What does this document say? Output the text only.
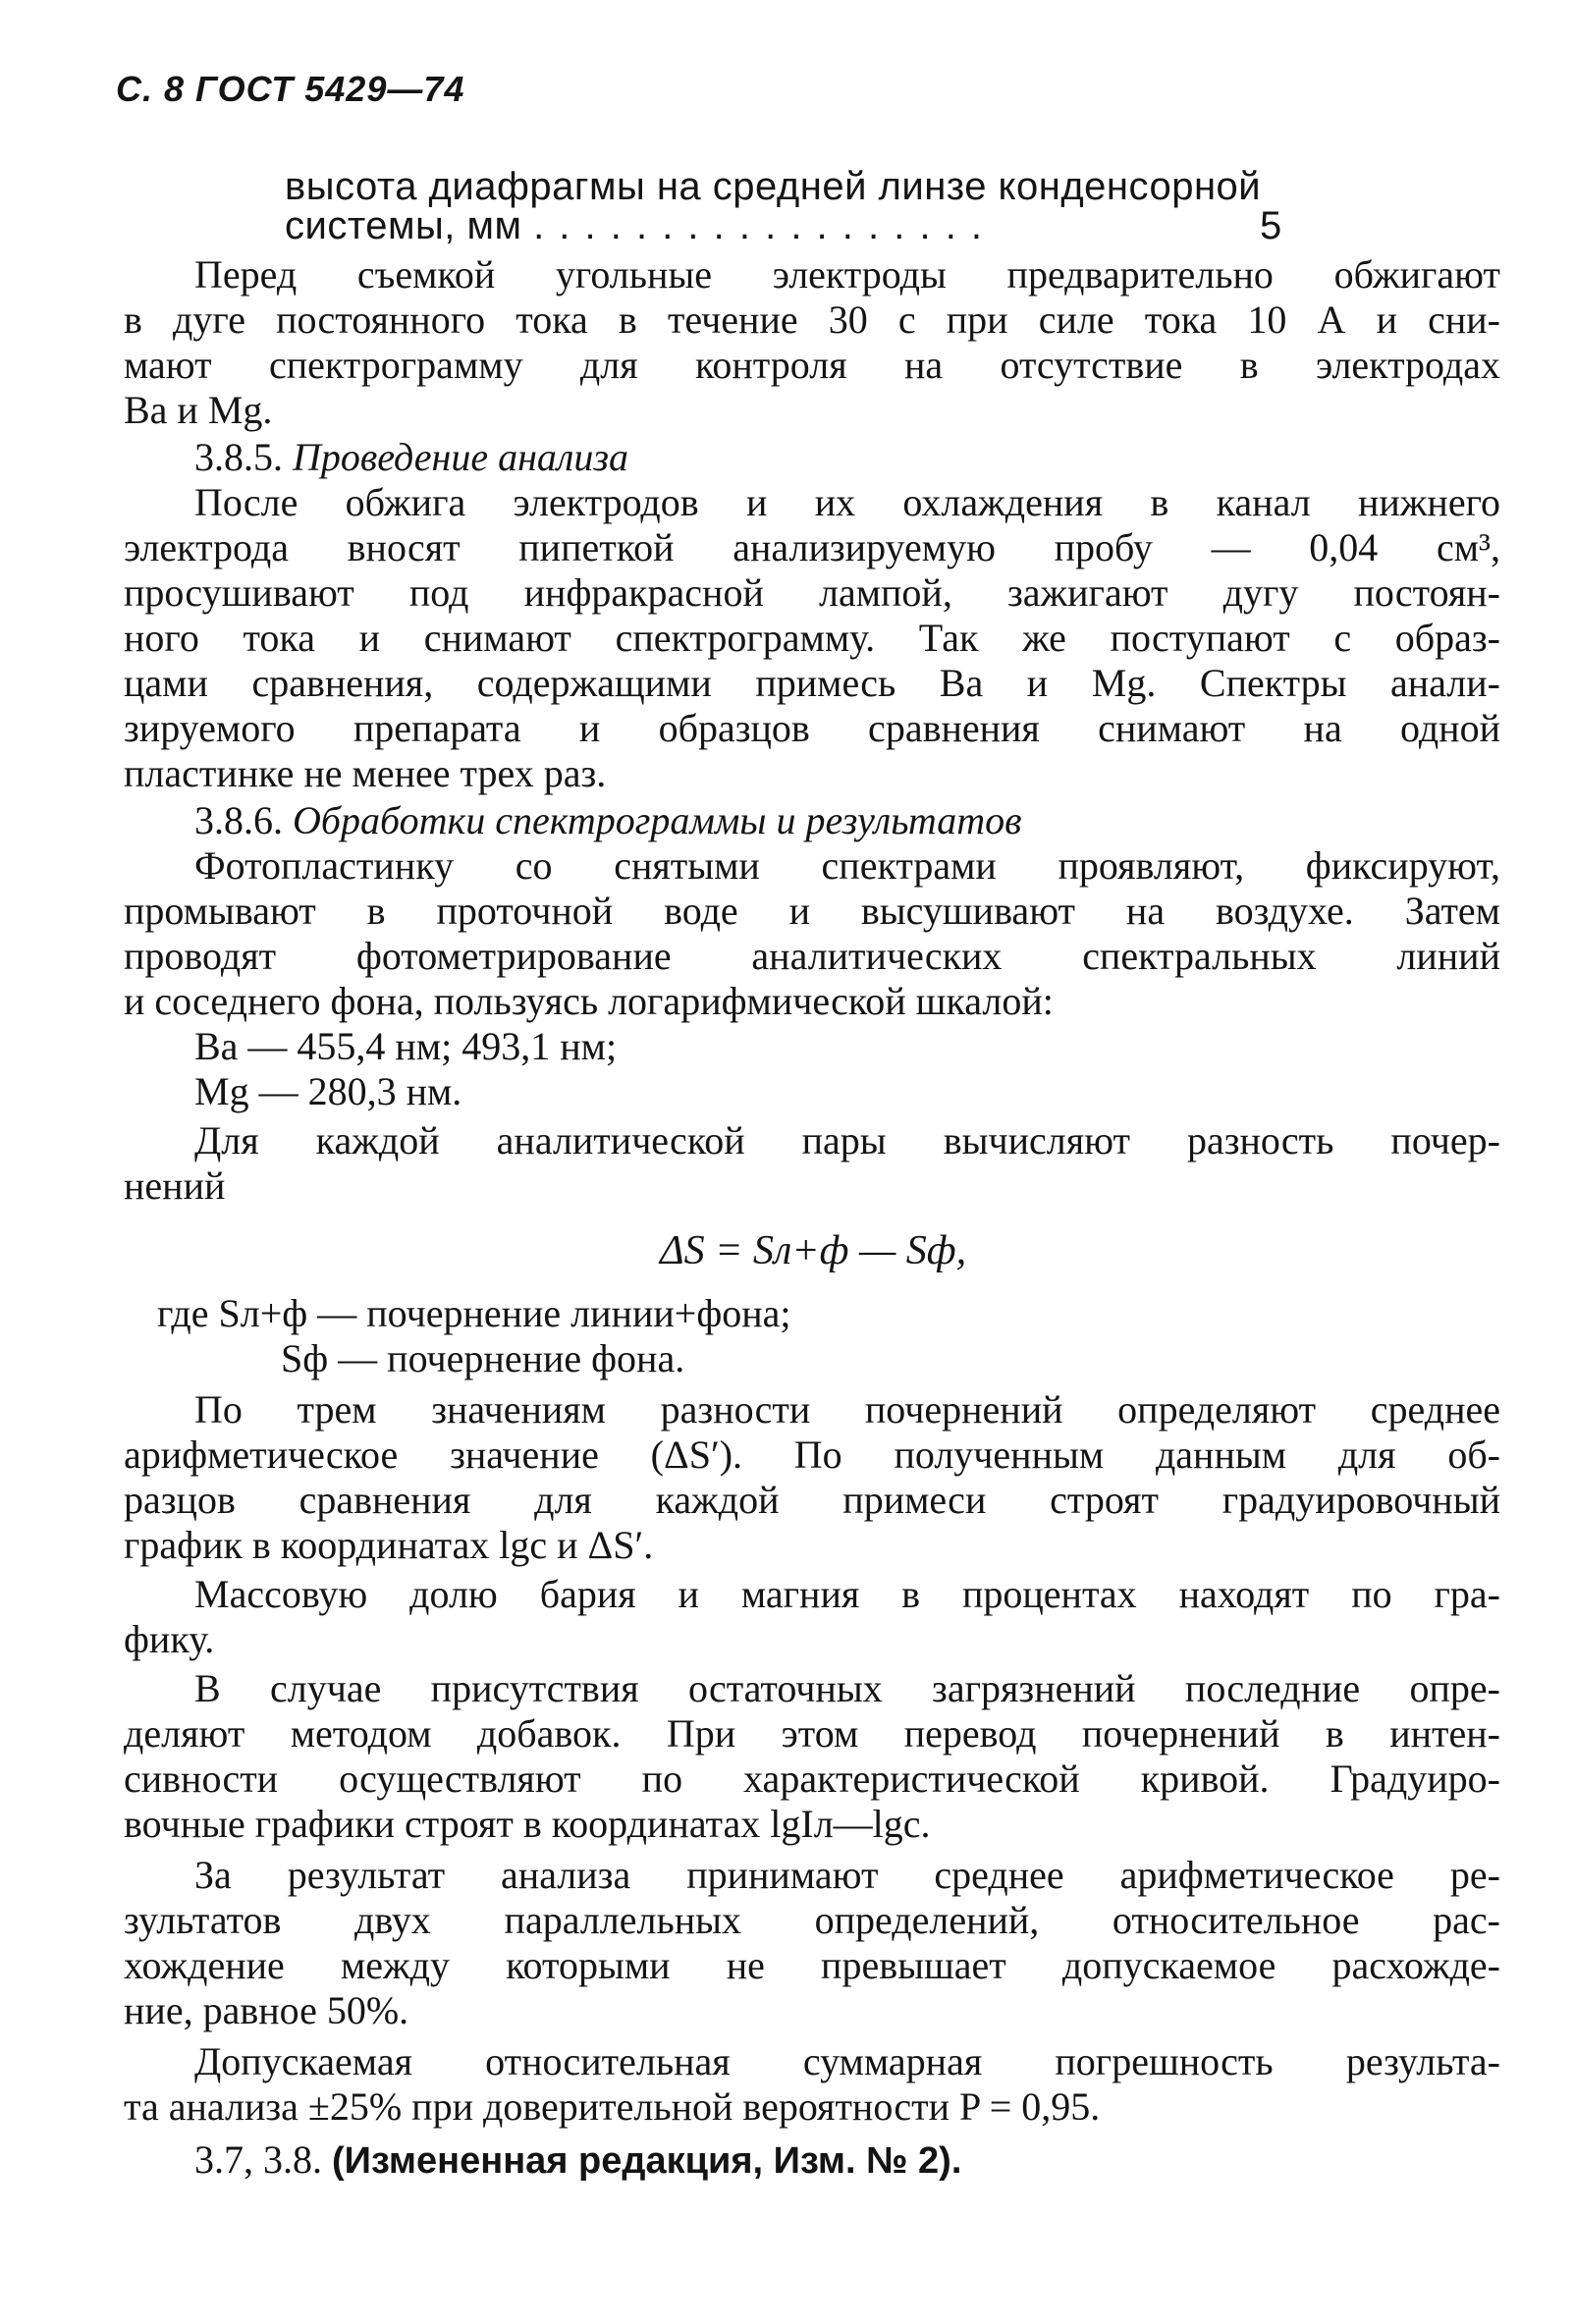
С. 8 ГОСТ 5429—74
высота диафрагмы на средней линзе конденсорной
системы, мм . . . . . . . . . . . . . . . . . .	5
Перед съемкой угольные электроды предварительно обжигают
в дуге постоянного тока в течение 30 с при силе тока 10 А и сни-
мают спектрограмму для контроля на отсутствие в электродах
Ba и Mg.
3.8.5. Проведение анализа
После обжига электродов и их охлаждения в канал нижнего
электрода вносят пипеткой анализируемую пробу — 0,04 см³,
просушивают под инфракрасной лампой, зажигают дугу постоян-
ного тока и снимают спектрограмму. Так же поступают с образ-
цами сравнения, содержащими примесь Ba и Mg. Спектры анали-
зируемого препарата и образцов сравнения снимают на одной
пластинке не менее трех раз.
3.8.6. Обработки спектрограммы и результатов
Фотопластинку со снятыми спектрами проявляют, фиксируют,
промывают в проточной воде и высушивают на воздухе. Затем
проводят фотометрирование аналитических спектральных линий
и соседнего фона, пользуясь логарифмической шкалой:
Ba — 455,4 нм; 493,1 нм;
Mg — 280,3 нм.
Для каждой аналитической пары вычисляют разность почер-
нений
ΔS = Sл+ф — Sф,
где Sл+ф — почернение линии+фона;
Sф — почернение фона.
По трем значениям разности почернений определяют среднее
арифметическое значение (ΔS′). По полученным данным для об-
разцов сравнения для каждой примеси строят градуировочный
график в координатах lgc и ΔS′.
Массовую долю бария и магния в процентах находят по гра-
фику.
В случае присутствия остаточных загрязнений последние опре-
деляют методом добавок. При этом перевод почернений в интен-
сивности осуществляют по характеристической кривой. Градуиро-
вочные графики строят в координатах lgIл—lgc.
За результат анализа принимают среднее арифметическое ре-
зультатов двух параллельных определений, относительное рас-
хождение между которыми не превышает допускаемое расхожде-
ние, равное 50%.
Допускаемая относительная суммарная погрешность результа-
та анализа ±25% при доверительной вероятности P = 0,95.
3.7, 3.8. (Измененная редакция, Изм. № 2).
